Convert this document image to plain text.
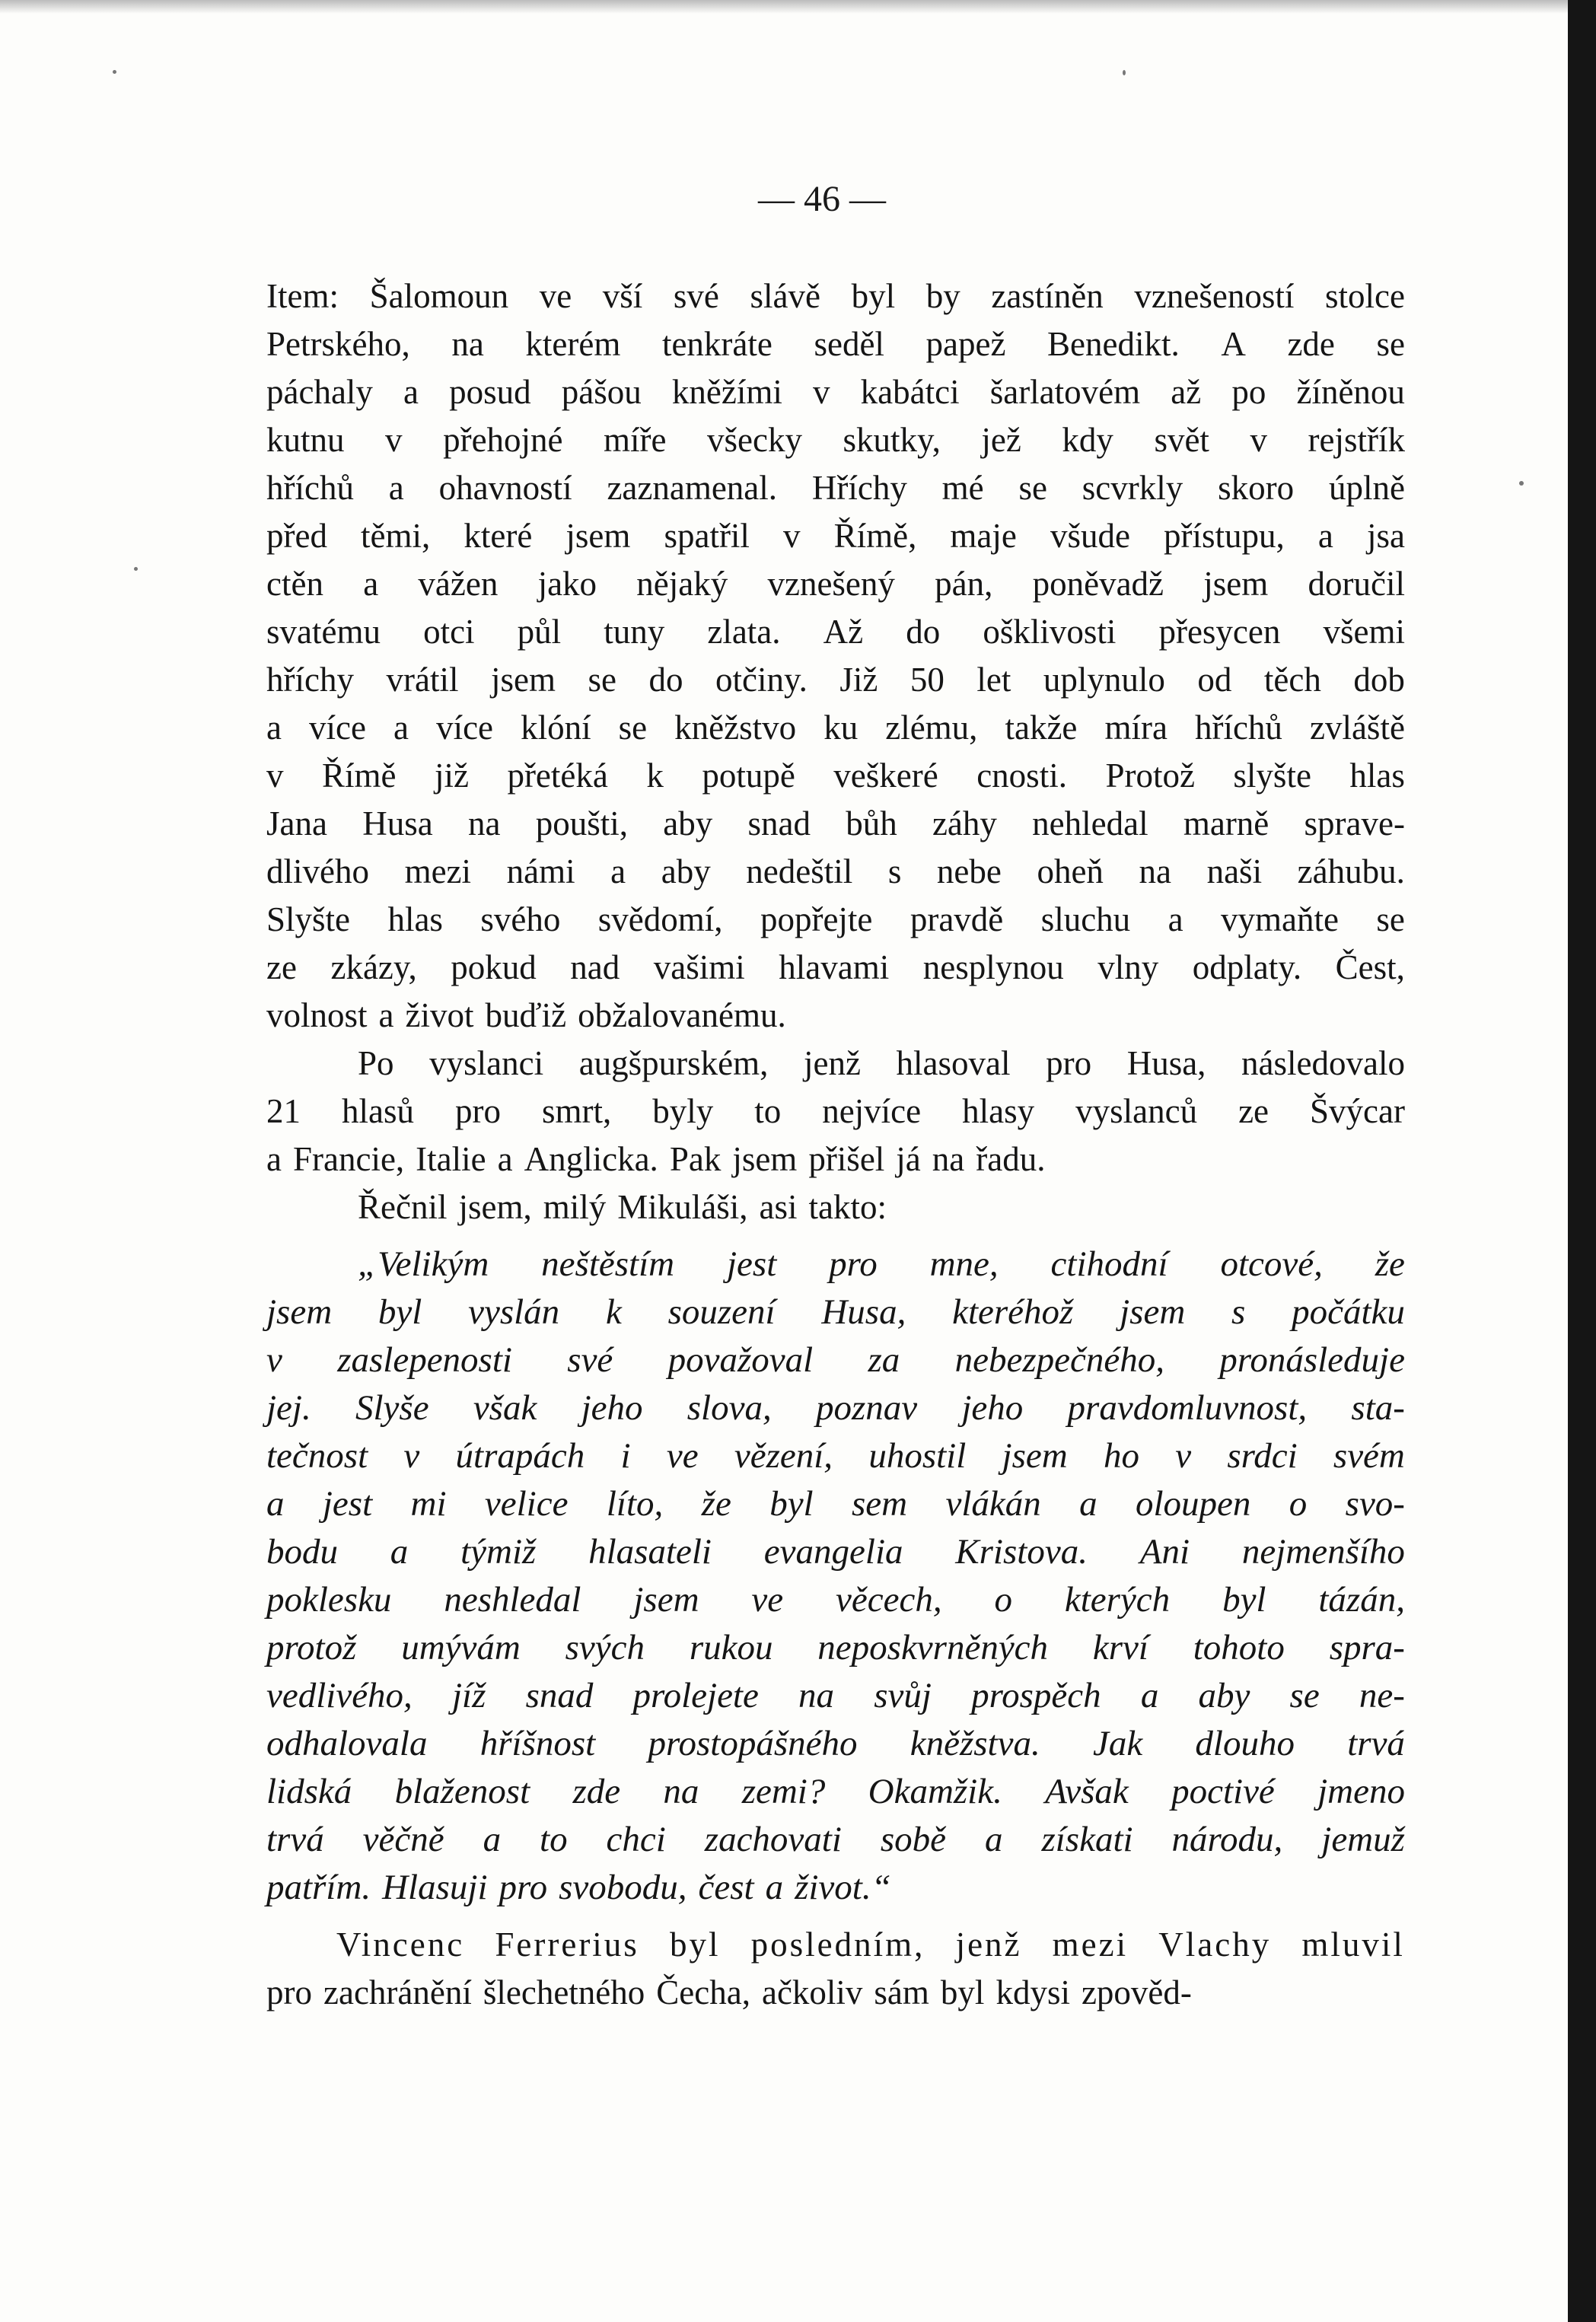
— 46 —
Item: Šalomoun ve vší své slávě byl by zastíněn vznešeností stolce
Petrského, na kterém tenkráte seděl papež Benedikt. A zde se
páchaly a posud pášou kněžími v kabátci šarlatovém až po žíněnou
kutnu v přehojné míře všecky skutky, jež kdy svět v rejstřík
hříchů a ohavností zaznamenal. Hříchy mé se scvrkly skoro úplně
před těmi, které jsem spatřil v Římě, maje všude přístupu, a jsa
ctěn a vážen jako nějaký vznešený pán, poněvadž jsem doručil
svatému otci půl tuny zlata. Až do ošklivosti přesycen všemi
hříchy vrátil jsem se do otčiny. Již 50 let uplynulo od těch dob
a více a více klóní se kněžstvo ku zlému, takže míra hříchů zvláště
v Římě již přetéká k potupě veškeré cnosti. Protož slyšte hlas
Jana Husa na poušti, aby snad bůh záhy nehledal marně sprave-
dlivého mezi námi a aby nedeštil s nebe oheň na naši záhubu.
Slyšte hlas svého svědomí, popřejte pravdě sluchu a vymaňte se
ze zkázy, pokud nad vašimi hlavami nesplynou vlny odplaty. Čest,
volnost a život buďiž obžalovanému.
Po vyslanci augšpurském, jenž hlasoval pro Husa, následovalo
21 hlasů pro smrt, byly to nejvíce hlasy vyslanců ze Švýcar
a Francie, Italie a Anglicka. Pak jsem přišel já na řadu.
Řečnil jsem, milý Mikuláši, asi takto:
„Velikým neštěstím jest pro mne, ctihodní otcové, že
jsem byl vyslán k souzení Husa, kteréhož jsem s počátku
v zaslepenosti své považoval za nebezpečného, pronásleduje
jej. Slyše však jeho slova, poznav jeho pravdomluvnost, sta-
tečnost v útrapách i ve vězení, uhostil jsem ho v srdci svém
a jest mi velice líto, že byl sem vlákán a oloupen o svo-
bodu a týmiž hlasateli evangelia Kristova. Ani nejmenšího
poklesku neshledal jsem ve věcech, o kterých byl tázán,
protož umývám svých rukou neposkvrněných krví tohoto spra-
vedlivého, jíž snad prolejete na svůj prospěch a aby se ne-
odhalovala hříšnost prostopášného kněžstva. Jak dlouho trvá
lidská blaženost zde na zemi? Okamžik. Avšak poctivé jmeno
trvá věčně a to chci zachovati sobě a získati národu, jemuž
patřím. Hlasuji pro svobodu, čest a život.“
Vincenc Ferrerius byl posledním, jenž mezi Vlachy mluvil
pro zachránění šlechetného Čecha, ačkoliv sám byl kdysi zpověd-
